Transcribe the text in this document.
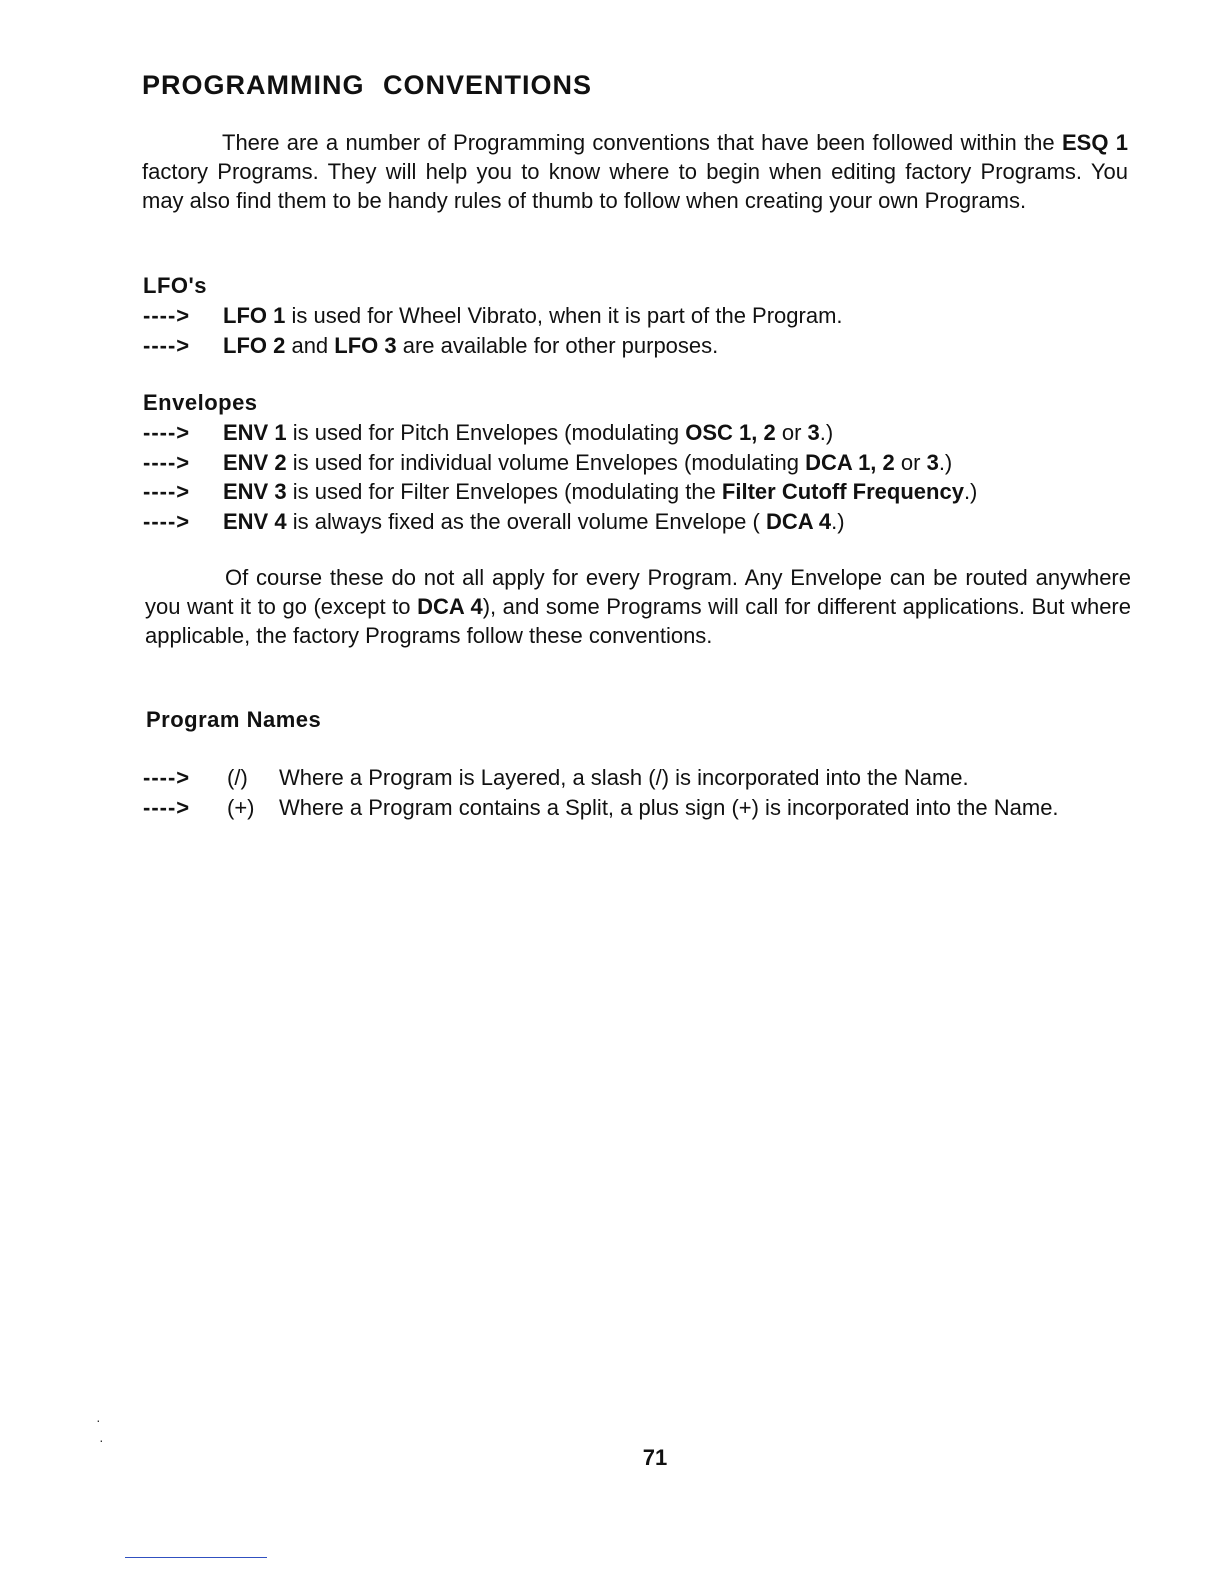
PROGRAMMING CONVENTIONS

There are a number of Programming conventions that have been followed within the ESQ 1 factory Programs. They will help you to know where to begin when editing factory Programs. You may also find them to be handy rules of thumb to follow when creating your own Programs.

LFO's
----> LFO 1 is used for Wheel Vibrato, when it is part of the Program.
----> LFO 2 and LFO 3 are available for other purposes.
Envelopes
----> ENV 1 is used for Pitch Envelopes (modulating OSC 1, 2 or 3.)
----> ENV 2 is used for individual volume Envelopes (modulating DCA 1, 2 or 3.)
----> ENV 3 is used for Filter Envelopes (modulating the Filter Cutoff Frequency.)
----> ENV 4 is always fixed as the overall volume Envelope ( DCA 4.)

Of course these do not all apply for every Program. Any Envelope can be routed anywhere you want it to go (except to DCA 4), and some Programs will call for different applications. But where applicable, the factory Programs follow these conventions.

Program Names
---->	(/) Where a Program is Layered, a slash (/) is incorporated into the Name.
---->	(+) Where a Program contains a Split, a plus sign (+) is incorporated into the Name.
·
·
71
